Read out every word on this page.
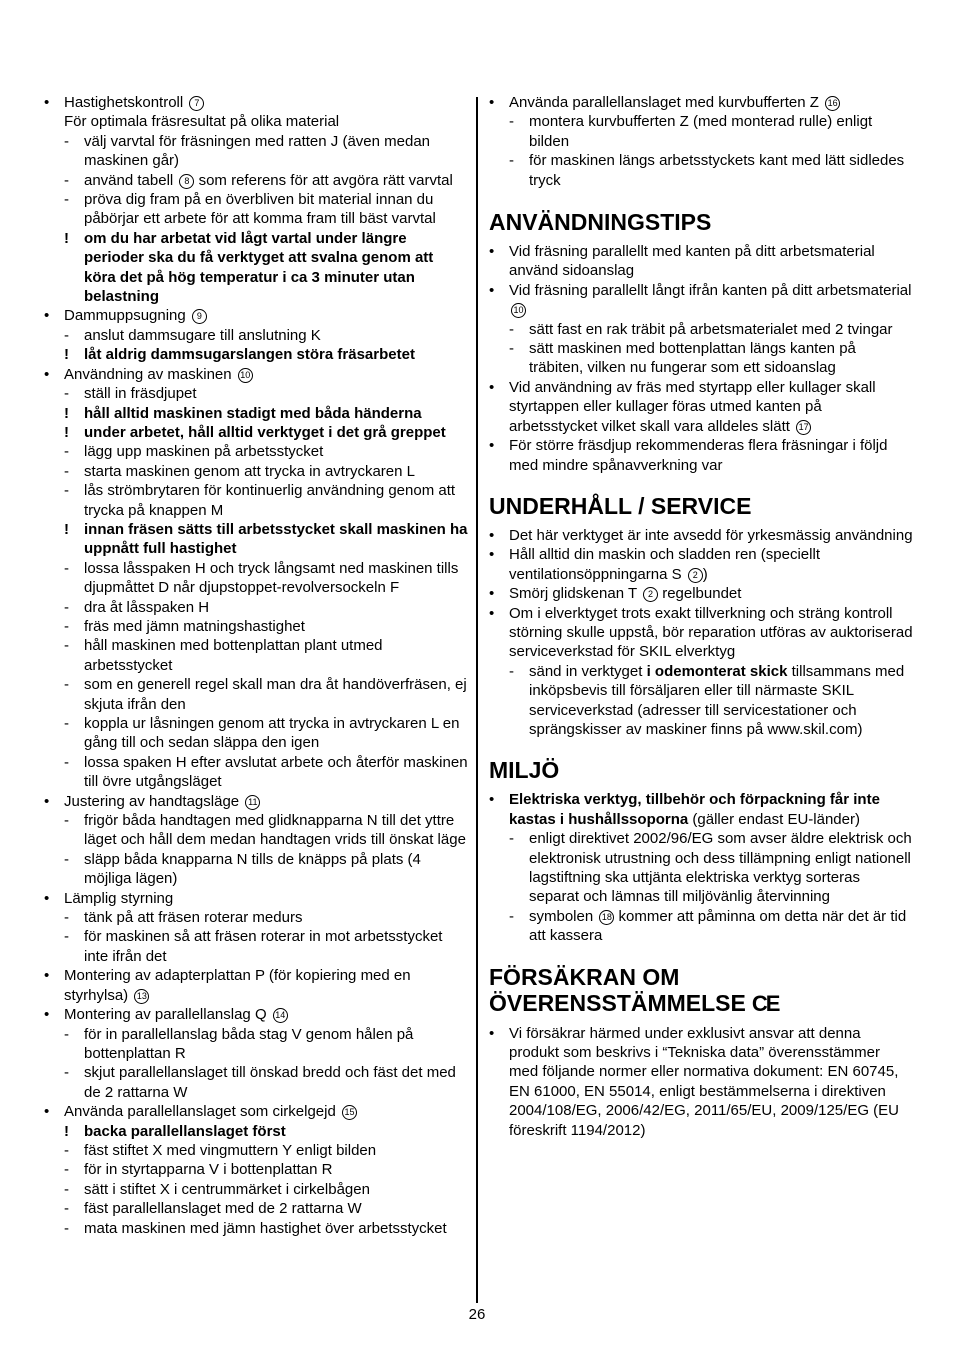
• Hastighetskontroll 7
För optimala fräsresultat på olika material
- välj varvtal för fräsningen med ratten J (även medan maskinen går)
- använd tabell 8 som referens för att avgöra rätt varvtal
- pröva dig fram på en överbliven bit material innan du påbörjar ett arbete för att komma fram till bäst varvtal
! om du har arbetat vid lågt vartal under längre perioder ska du få verktyget att svalna genom att köra det på hög temperatur i ca 3 minuter utan belastning
• Dammuppsugning 9
- anslut dammsugare till anslutning K
! låt aldrig dammsugarslangen störa fräsarbetet
• Användning av maskinen 10
- ställ in fräsdjupet
! håll alltid maskinen stadigt med båda händerna
! under arbetet, håll alltid verktyget i det grå greppet
- lägg upp maskinen på arbetsstycket
- starta maskinen genom att trycka in avtryckaren L
- lås strömbrytaren för kontinuerlig användning genom att trycka på knappen M
! innan fräsen sätts till arbetsstycket skall maskinen ha uppnått full hastighet
- lossa låsspaken H och tryck långsamt ned maskinen tills djupmåttet D når djupstoppet-revolversockeln F
- dra åt låsspaken H
- fräs med jämn matningshastighet
- håll maskinen med bottenplattan plant utmed arbetsstycket
- som en generell regel skall man dra åt handöverfräsen, ej skjuta ifrån den
- koppla ur låsningen genom att trycka in avtryckaren L en gång till och sedan släppa den igen
- lossa spaken H efter avslutat arbete och återför maskinen till övre utgångsläget
• Justering av handtagsläge 11
- frigör båda handtagen med glidknapparna N till det yttre läget och håll dem medan handtagen vrids till önskat läge
- släpp båda knapparna N tills de knäpps på plats (4 möjliga lägen)
• Lämplig styrning
- tänk på att fräsen roterar medurs
- för maskinen så att fräsen roterar in mot arbetsstycket inte ifrån det
• Montering av adapterplattan P (för kopiering med en styrhylsa) 13
• Montering av parallellanslag Q 14
- för in parallellanslag båda stag V genom hålen på bottenplattan R
- skjut parallellanslaget till önskad bredd och fäst det med de 2 rattarna W
• Använda parallellanslaget som cirkelgejd 15
! backa parallellanslaget först
- fäst stiftet X med vingmuttern Y enligt bilden
- för in styrtapparna V i bottenplattan R
- sätt i stiftet X i centrummärket i cirkelbågen
- fäst parallellanslaget med de 2 rattarna W
- mata maskinen med jämn hastighet över arbetsstycket
• Använda parallellanslaget med kurvbufferten Z 16
- montera kurvbufferten Z (med monterad rulle) enligt bilden
- för maskinen längs arbetsstyckets kant med lätt sidledes tryck
ANVÄNDNINGSTIPS
• Vid fräsning parallellt med kanten på ditt arbetsmaterial använd sidoanslag
• Vid fräsning parallellt långt ifrån kanten på ditt arbetsmaterial 10
- sätt fast en rak träbit på arbetsmaterialet med 2 tvingar
- sätt maskinen med bottenplattan längs kanten på träbiten, vilken nu fungerar som ett sidoanslag
• Vid användning av fräs med styrtapp eller kullager skall styrtappen eller kullager föras utmed kanten på arbetsstycket vilket skall vara alldeles slätt 17
• För större fräsdjup rekommenderas flera fräsningar i följd med mindre spånavverkning var
UNDERHÅLL / SERVICE
• Det här verktyget är inte avsedd för yrkesmässig användning
• Håll alltid din maskin och sladden ren (speciellt ventilationsöppningarna S 2 )
• Smörj glidskenan T 2 regelbundet
• Om i elverktyget trots exakt tillverkning och sträng kontroll störning skulle uppstå, bör reparation utföras av auktoriserad serviceverkstad för SKIL elverktyg
- sänd in verktyget i odemonterat skick tillsammans med inköpsbevis till försäljaren eller till närmaste SKIL serviceverkstad (adresser till servicestationer och sprängskisser av maskiner finns på www.skil.com)
MILJÖ
• Elektriska verktyg, tillbehör och förpackning får inte kastas i hushållssoporna (gäller endast EU-länder)
- enligt direktivet 2002/96/EG som avser äldre elektrisk och elektronisk utrustning och dess tillämpning enligt nationell lagstiftning ska uttjänta elektriska verktyg sorteras separat och lämnas till miljövänlig återvinning
- symbolen 18 kommer att påminna om detta när det är tid att kassera
FÖRSÄKRAN OM ÖVERENSSTÄMMELSE CE
• Vi försäkrar härmed under exklusivt ansvar att denna produkt som beskrivs i “Tekniska data” överensstämmer med följande normer eller normativa dokument: EN 60745, EN 61000, EN 55014, enligt bestämmelserna i direktiven 2004/108/EG, 2006/42/EG, 2011/65/EU, 2009/125/EG (EU föreskrift 1194/2012)
26
